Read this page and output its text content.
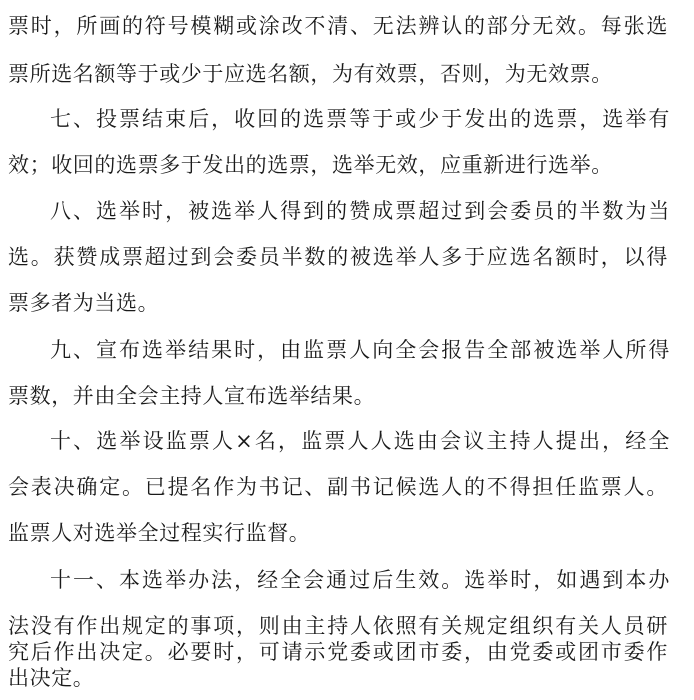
票时，所画的符号模糊或涂改不清、无法辨认的部分无效。每张选
票所选名额等于或少于应选名额，为有效票，否则，为无效票。
七、投票结束后，收回的选票等于或少于发出的选票，选举有
效；收回的选票多于发出的选票，选举无效，应重新进行选举。
八、选举时，被选举人得到的赞成票超过到会委员的半数为当
选。获赞成票超过到会委员半数的被选举人多于应选名额时，以得
票多者为当选。
九、宣布选举结果时，由监票人向全会报告全部被选举人所得
票数，并由全会主持人宣布选举结果。
十、选举设监票人×名，监票人人选由会议主持人提出，经全
会表决确定。已提名作为书记、副书记候选人的不得担任监票人。
监票人对选举全过程实行监督。
十一、本选举办法，经全会通过后生效。选举时，如遇到本办
法没有作出规定的事项，则由主持人依照有关规定组织有关人员研
究后作出决定。必要时，可请示党委或团市委，由党委或团市委作
出决定。
